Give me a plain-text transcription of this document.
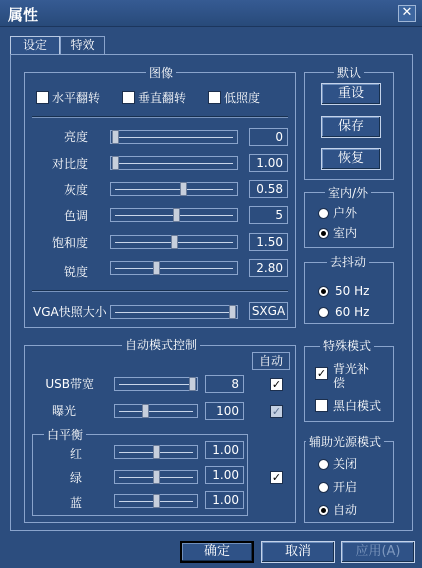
属性	✕
设定	特效
图像
水平翻转	垂直翻转	低照度
亮度	0
对比度	1.00
灰度	0.58
色调	5
饱和度	1.50
锐度	2.80
VGA快照大小	SXGA
默认
重设
保存
恢复
室内/外
户外
室内
去抖动
50 Hz
60 Hz
自动模式控制
自动
USB带宽	8	✓
曝光	100	✓
白平衡
红	1.00
绿	1.00
蓝	1.00
✓
特殊模式
✓ 背光补
偿
黑白模式
辅助光源模式
关闭
开启
自动
确定	取消	应用(A)
